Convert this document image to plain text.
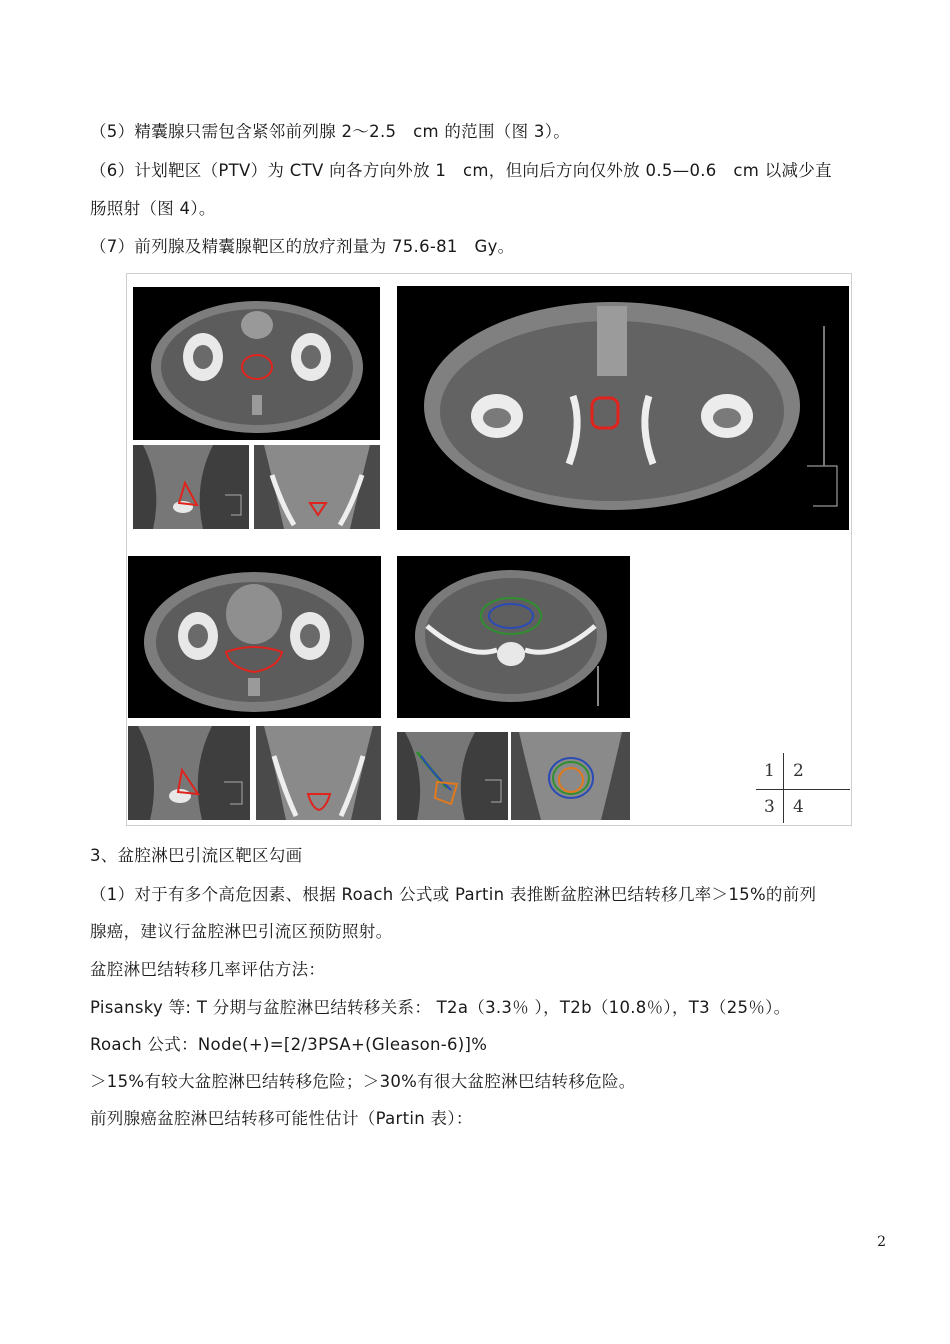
（5）精囊腺只需包含紧邻前列腺 2～2.5　cm 的范围（图 3）。
（6）计划靶区（PTV）为 CTV 向各方向外放 1　cm，但向后方向仅外放 0.5—0.6　cm 以减少直
肠照射（图 4）。
（7）前列腺及精囊腺靶区的放疗剂量为 75.6-81　Gy。
1 2
3 4
3、盆腔淋巴引流区靶区勾画
（1）对于有多个高危因素、根据 Roach 公式或 Partin 表推断盆腔淋巴结转移几率＞15%的前列
腺癌，建议行盆腔淋巴引流区预防照射。
盆腔淋巴结转移几率评估方法：
Pisansky 等: T 分期与盆腔淋巴结转移关系： T2a（3.3％ ），T2b（10.8％），T3（25％）。
Roach 公式：Node(+)=[2/3PSA+(Gleason-6)]%
＞15%有较大盆腔淋巴结转移危险；＞30%有很大盆腔淋巴结转移危险。
前列腺癌盆腔淋巴结转移可能性估计（Partin 表）：
2
